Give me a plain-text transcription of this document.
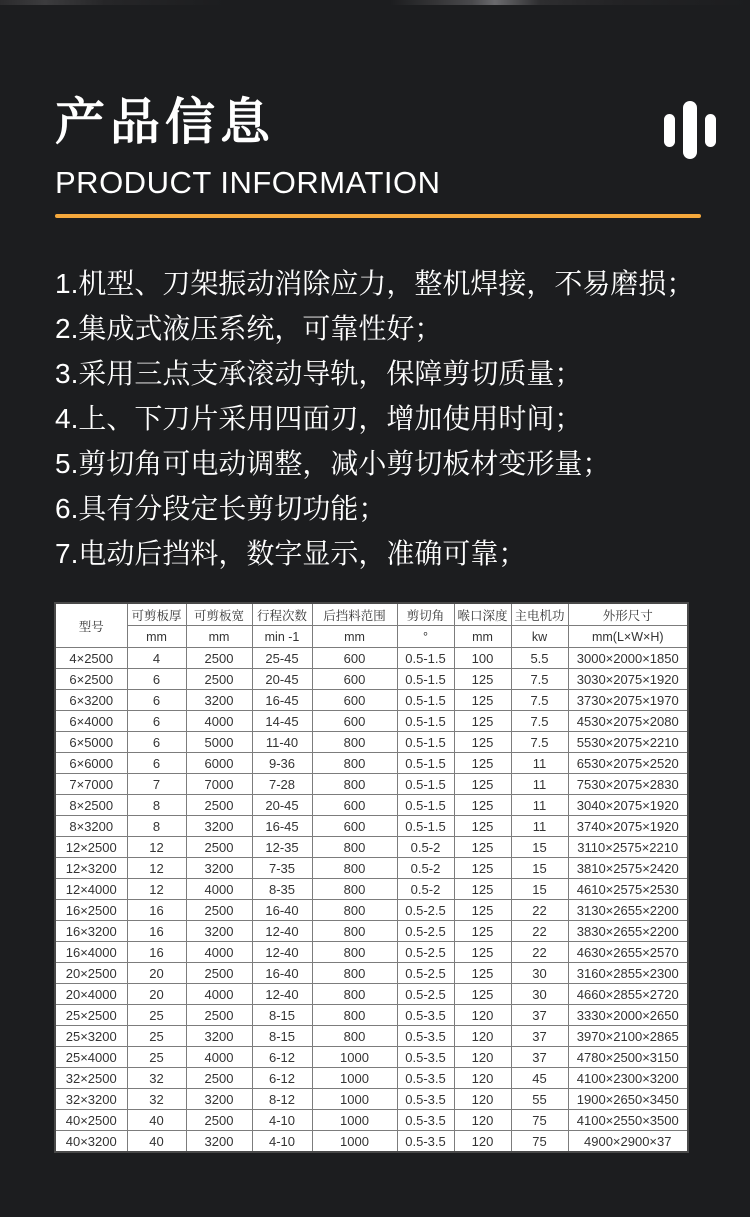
产品信息
PRODUCT INFORMATION
1.机型、刀架振动消除应力，整机焊接，不易磨损；
2.集成式液压系统，可靠性好；
3.采用三点支承滚动导轨，保障剪切质量；
4.上、下刀片采用四面刃，增加使用时间；
5.剪切角可电动调整，减小剪切板材变形量；
6.具有分段定长剪切功能；
7.电动后挡料，数字显示，准确可靠；
型号	可剪板厚	可剪板宽	行程次数	后挡料范围	剪切角	喉口深度	主电机功	外形尺寸
	mm	mm	min -1	mm	°	mm	kw	mm(L×W×H)
4×2500	4	2500	25-45	600	0.5-1.5	100	5.5	3000×2000×1850
6×2500	6	2500	20-45	600	0.5-1.5	125	7.5	3030×2075×1920
6×3200	6	3200	16-45	600	0.5-1.5	125	7.5	3730×2075×1970
6×4000	6	4000	14-45	600	0.5-1.5	125	7.5	4530×2075×2080
6×5000	6	5000	11-40	800	0.5-1.5	125	7.5	5530×2075×2210
6×6000	6	6000	9-36	800	0.5-1.5	125	11	6530×2075×2520
7×7000	7	7000	7-28	800	0.5-1.5	125	11	7530×2075×2830
8×2500	8	2500	20-45	600	0.5-1.5	125	11	3040×2075×1920
8×3200	8	3200	16-45	600	0.5-1.5	125	11	3740×2075×1920
12×2500	12	2500	12-35	800	0.5-2	125	15	3110×2575×2210
12×3200	12	3200	7-35	800	0.5-2	125	15	3810×2575×2420
12×4000	12	4000	8-35	800	0.5-2	125	15	4610×2575×2530
16×2500	16	2500	16-40	800	0.5-2.5	125	22	3130×2655×2200
16×3200	16	3200	12-40	800	0.5-2.5	125	22	3830×2655×2200
16×4000	16	4000	12-40	800	0.5-2.5	125	22	4630×2655×2570
20×2500	20	2500	16-40	800	0.5-2.5	125	30	3160×2855×2300
20×4000	20	4000	12-40	800	0.5-2.5	125	30	4660×2855×2720
25×2500	25	2500	8-15	800	0.5-3.5	120	37	3330×2000×2650
25×3200	25	3200	8-15	800	0.5-3.5	120	37	3970×2100×2865
25×4000	25	4000	6-12	1000	0.5-3.5	120	37	4780×2500×3150
32×2500	32	2500	6-12	1000	0.5-3.5	120	45	4100×2300×3200
32×3200	32	3200	8-12	1000	0.5-3.5	120	55	1900×2650×3450
40×2500	40	2500	4-10	1000	0.5-3.5	120	75	4100×2550×3500
40×3200	40	3200	4-10	1000	0.5-3.5	120	75	4900×2900×37
